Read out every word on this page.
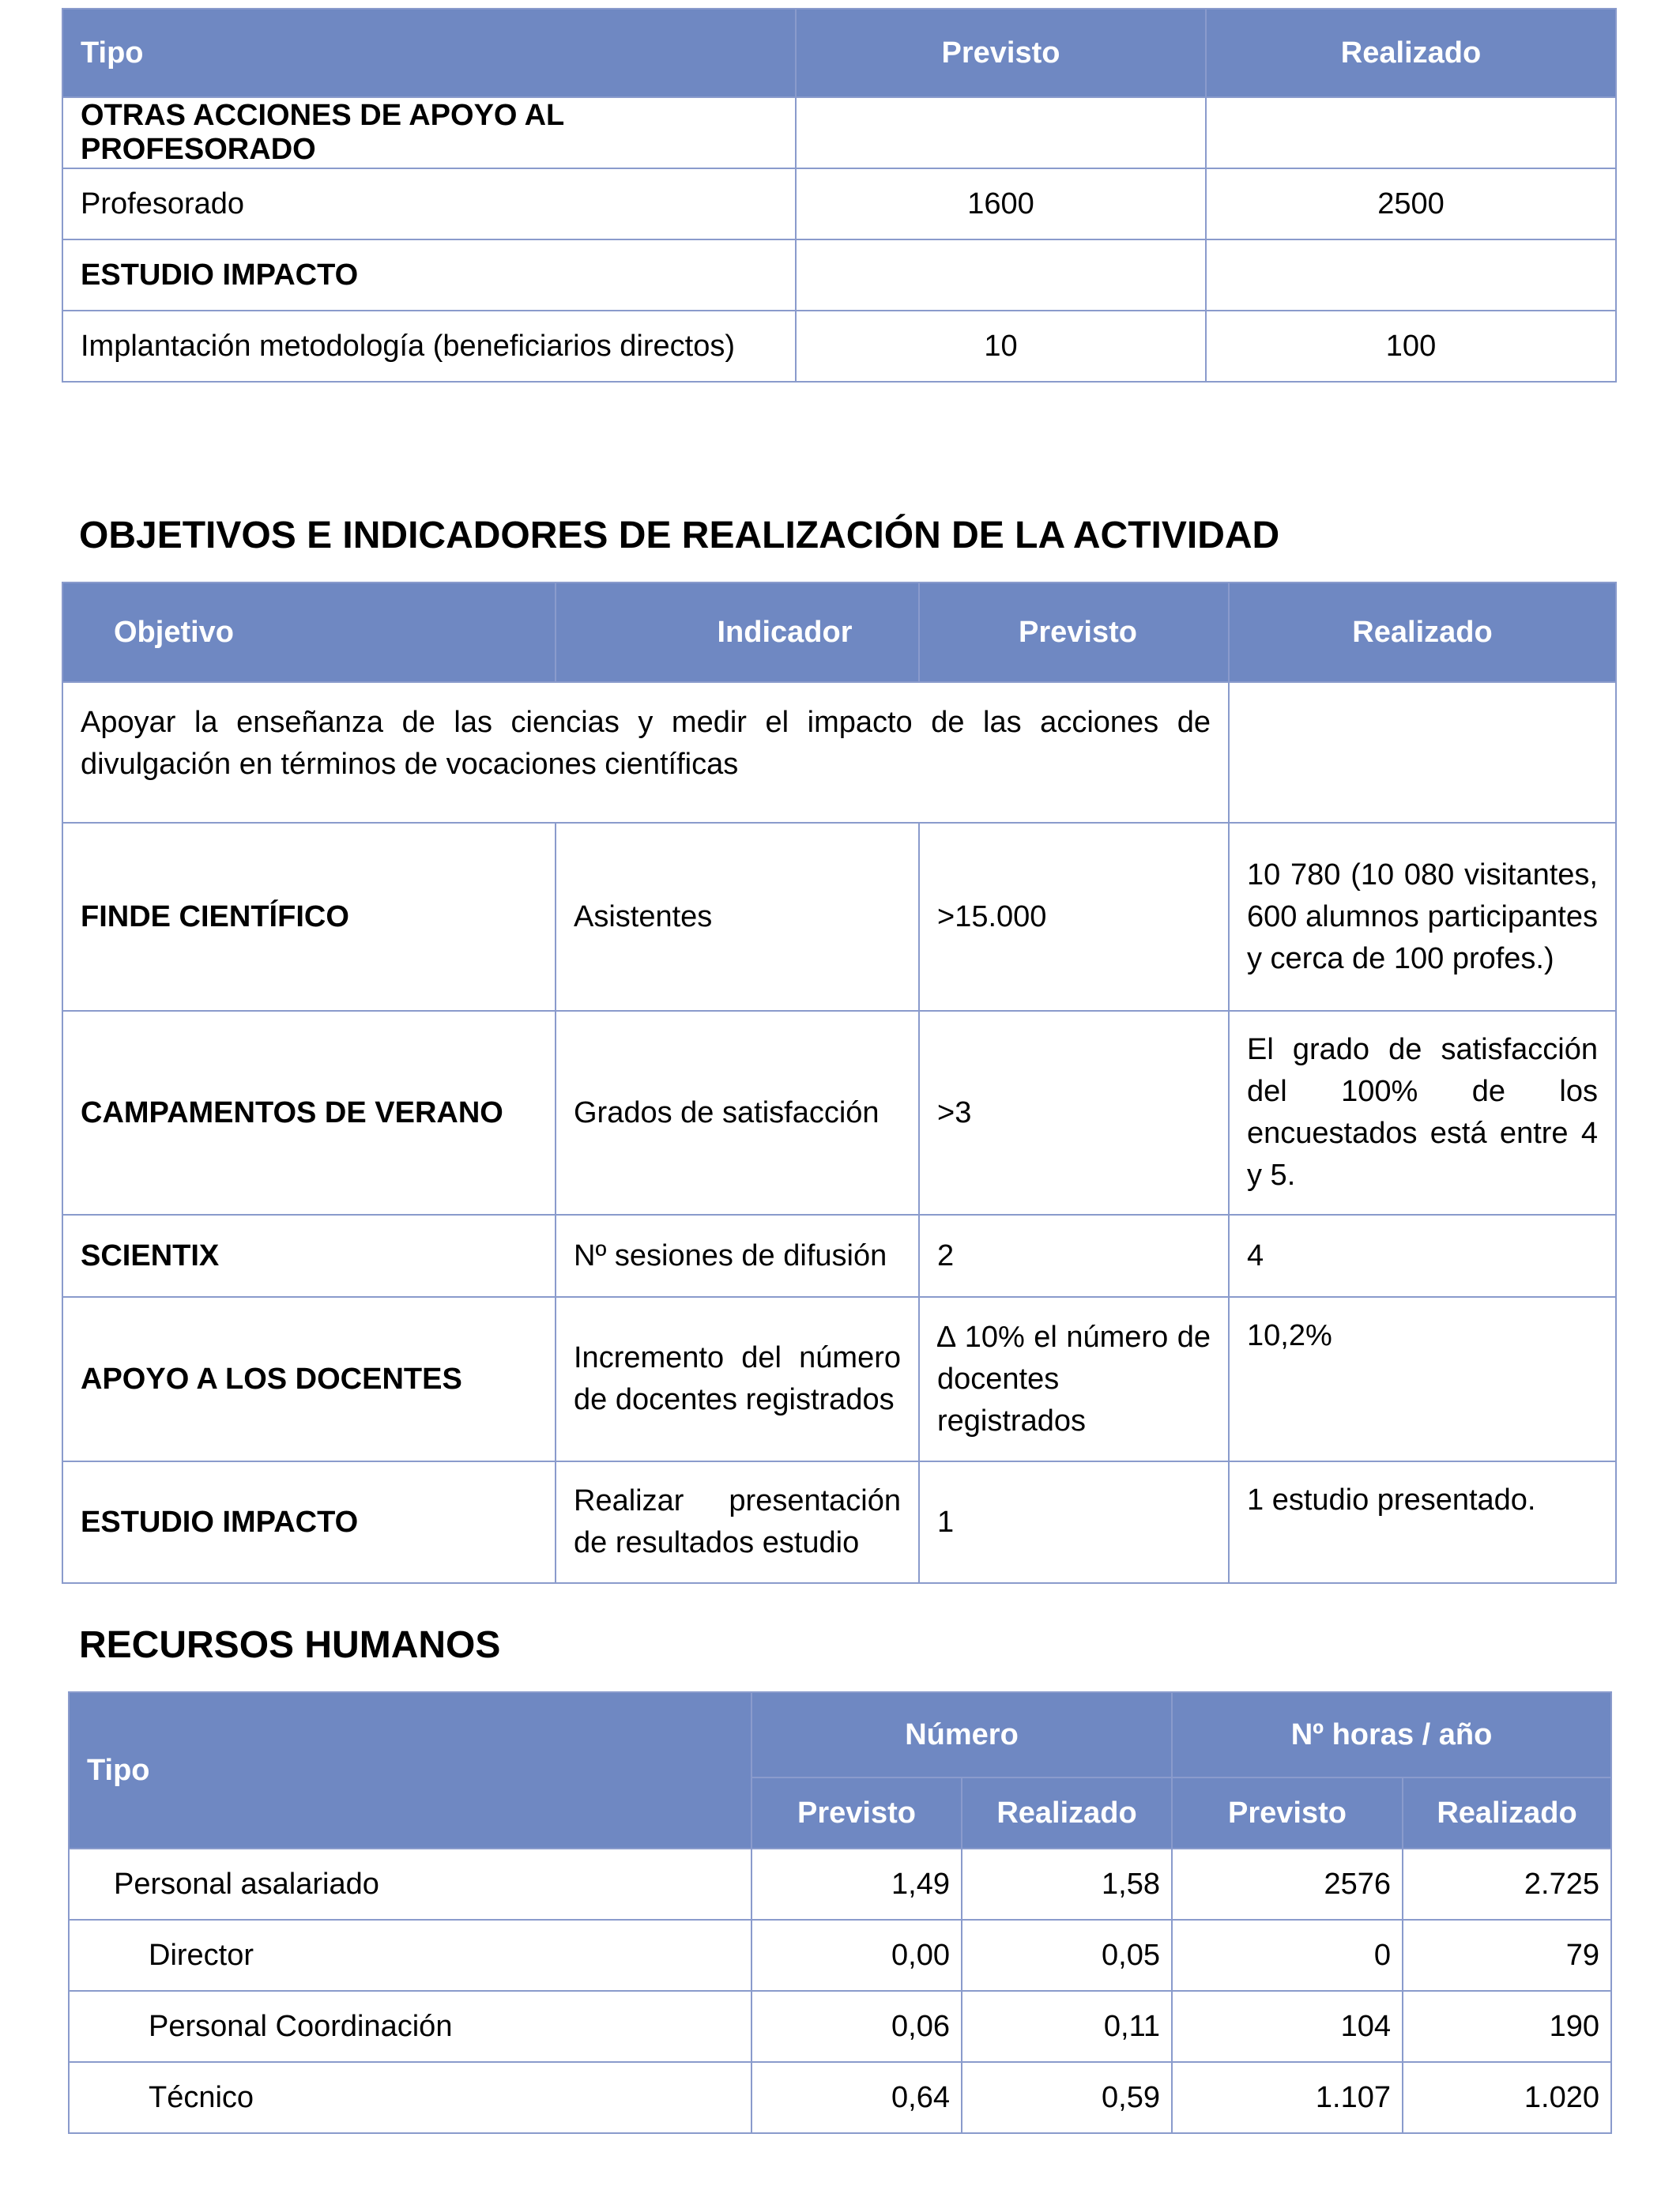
Tipo	Previsto	Realizado
OTRAS ACCIONES DE APOYO AL PROFESORADO		
Profesorado	1600	2500
ESTUDIO IMPACTO		
Implantación metodología (beneficiarios directos)	10	100
OBJETIVOS E INDICADORES DE REALIZACIÓN DE LA ACTIVIDAD
Objetivo	Indicador	Previsto	Realizado
Apoyar la enseñanza de las ciencias y medir el impacto de las acciones de divulgación en términos de vocaciones científicas			
FINDE CIENTÍFICO	Asistentes	>15.000	10 780 (10 080 visitantes, 600 alumnos participantes y cerca de 100 profes.)
CAMPAMENTOS DE VERANO	Grados de satisfacción	>3	El grado de satisfacción del 100% de los encuestados está entre 4 y 5.
SCIENTIX	Nº sesiones de difusión	2	4
APOYO A LOS DOCENTES	Incremento del número de docentes registrados	∆ 10% el número de docentes registrados	10,2%
ESTUDIO IMPACTO	Realizar presentación de resultados estudio	1	1 estudio presentado.
RECURSOS HUMANOS
Tipo	Número		Nº horas / año	
	Previsto	Realizado	Previsto	Realizado
Personal asalariado	1,49	1,58	2576	2.725
Director	0,00	0,05	0	79
Personal Coordinación	0,06	0,11	104	190
Técnico	0,64	0,59	1.107	1.020
